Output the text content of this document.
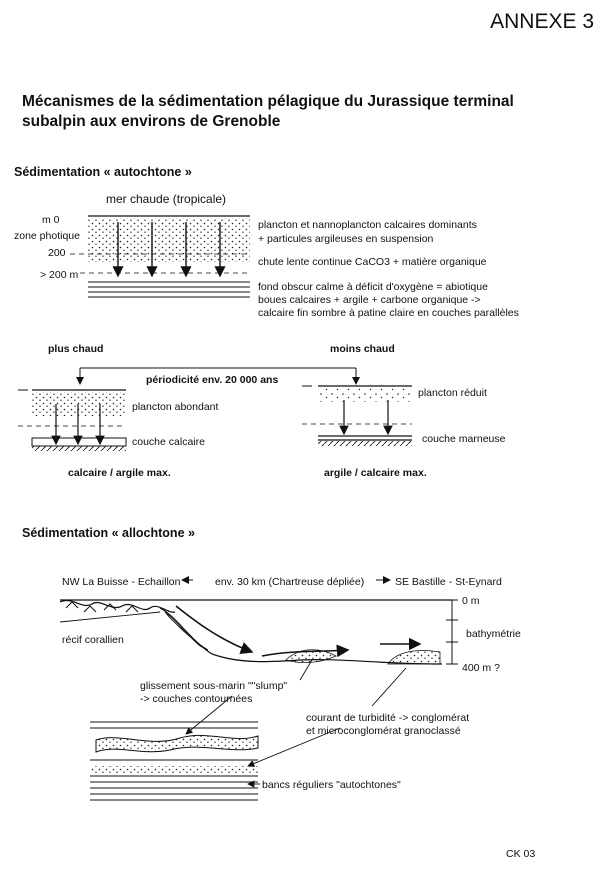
ANNEXE 3
Mécanismes de la sédimentation pélagique du Jurassique terminal
subalpin aux environs de Grenoble
Sédimentation « autochtone »
mer chaude (tropicale)
m 0
zone photique
200
> 200 m
plancton et nannoplancton calcaires dominants
+ particules argileuses en suspension
chute lente continue CaCO3 + matière organique
fond obscur calme à déficit d'oxygène = abiotique
boues calcaires + argile + carbone organique ->
calcaire fin sombre à patine claire en couches parallèles
plus chaud	moins chaud
périodicité env. 20 000 ans
plancton abondant
couche calcaire
plancton réduit
couche marneuse
calcaire / argile max.	argile / calcaire max.
Sédimentation « allochtone »
NW La Buisse - Echaillon	env. 30 km (Chartreuse dépliée)	SE Bastille - St-Eynard
0 m
bathymétrie
400 m ?
récif corallien
glissement sous-marin ""slump"
-> couches contournées
courant de turbidité -> conglomérat
et microconglomérat granoclassé
bancs réguliers "autochtones"
CK 03
